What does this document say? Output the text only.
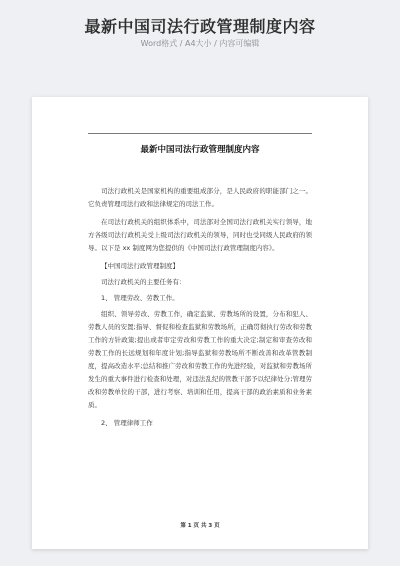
最新中国司法行政管理制度内容
Word格式 / A4大小 / 内容可编辑
最新中国司法行政管理制度内容

司法行政机关是国家机构的重要组成部分，是人民政府的职能部门之一。它负责管理司法行政和法律规定的司法工作。

在司法行政机关的组织体系中，司法部对全国司法行政机关实行领导，地方各级司法行政机关受上级司法行政机关的领导，同时也受同级人民政府的领导。以下是 xx 制度网为您提供的《中国司法行政管理制度内容》。

【中国司法行政管理制度】

司法行政机关的主要任务有：

1、 管理劳改、劳教工作。

组织、领导劳改、劳教工作，确定监狱、劳教场所的设置，分布和犯人、劳教人员的安置;指导、督促和检查监狱和劳教场所，正确贯彻执行劳改和劳教工作的方针政策;提出或者审定劳改和劳教工作的重大决定;制定和审查劳改和劳教工作的长远规划和年度计划;指导监狱和劳教场所不断改善和改革管教制度，提高改造水平;总结和推广劳改和劳教工作的先进经验，对监狱和劳教场所发生的重大事件进行检查和处理，对违法乱纪的管教干部予以纪律处分;管理劳改和劳教单位的干部，进行考察、培训和任用，提高干部的政治素质和业务素质。

2、 管理律师工作

第 1 页 共 3 页
